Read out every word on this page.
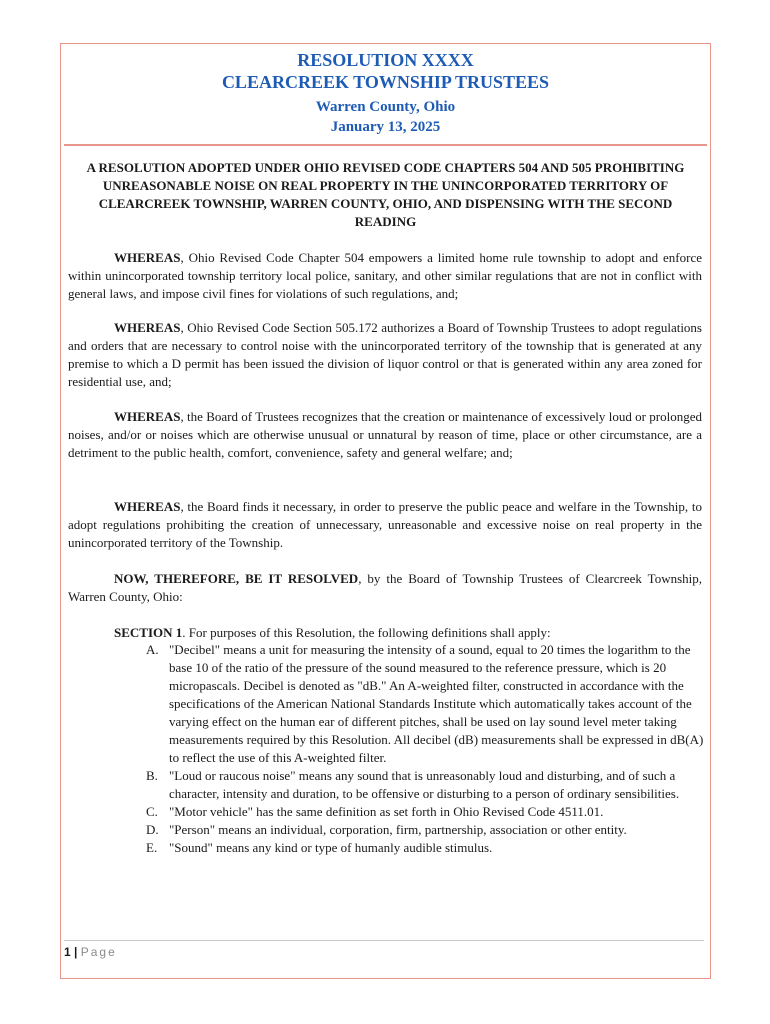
RESOLUTION XXXX
CLEARCREEK TOWNSHIP TRUSTEES
Warren County, Ohio
January 13, 2025
A RESOLUTION ADOPTED UNDER OHIO REVISED CODE CHAPTERS 504 AND 505 PROHIBITING UNREASONABLE NOISE ON REAL PROPERTY IN THE UNINCORPORATED TERRITORY OF CLEARCREEK TOWNSHIP, WARREN COUNTY, OHIO, AND DISPENSING WITH THE SECOND READING

WHEREAS, Ohio Revised Code Chapter 504 empowers a limited home rule township to adopt and enforce within unincorporated township territory local police, sanitary, and other similar regulations that are not in conflict with general laws, and impose civil fines for violations of such regulations, and;

WHEREAS, Ohio Revised Code Section 505.172 authorizes a Board of Township Trustees to adopt regulations and orders that are necessary to control noise with the unincorporated territory of the township that is generated at any premise to which a D permit has been issued the division of liquor control or that is generated within any area zoned for residential use, and;

WHEREAS, the Board of Trustees recognizes that the creation or maintenance of excessively loud or prolonged noises, and/or or noises which are otherwise unusual or unnatural by reason of time, place or other circumstance, are a detriment to the public health, comfort, convenience, safety and general welfare; and;

WHEREAS, the Board finds it necessary, in order to preserve the public peace and welfare in the Township, to adopt regulations prohibiting the creation of unnecessary, unreasonable and excessive noise on real property in the unincorporated territory of the Township.

NOW, THEREFORE, BE IT RESOLVED, by the Board of Township Trustees of Clearcreek Township, Warren County, Ohio:

SECTION 1. For purposes of this Resolution, the following definitions shall apply:

A. "Decibel" means a unit for measuring the intensity of a sound, equal to 20 times the logarithm to the base 10 of the ratio of the pressure of the sound measured to the reference pressure, which is 20 micropascals. Decibel is denoted as "dB." An A-weighted filter, constructed in accordance with the specifications of the American National Standards Institute which automatically takes account of the varying effect on the human ear of different pitches, shall be used on lay sound level meter taking measurements required by this Resolution. All decibel (dB) measurements shall be expressed in dB(A) to reflect the use of this A-weighted filter.
B. "Loud or raucous noise" means any sound that is unreasonably loud and disturbing, and of such a character, intensity and duration, to be offensive or disturbing to a person of ordinary sensibilities.
C. "Motor vehicle" has the same definition as set forth in Ohio Revised Code 4511.01.
D. "Person" means an individual, corporation, firm, partnership, association or other entity.
E. "Sound" means any kind or type of humanly audible stimulus.
1 | Page
